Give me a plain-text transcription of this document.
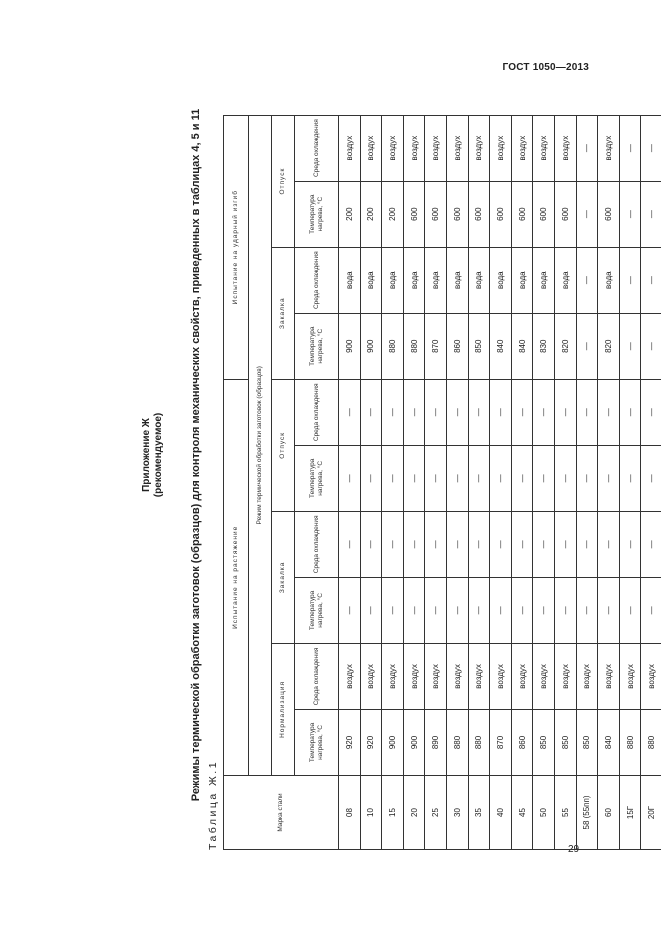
ГОСТ 1050—2013
29
Приложение Ж (рекомендуемое) Режимы термической обработки заготовок (образцов) для контроля механических свойств, приведенных в таблицах 4, 5 и 11
Таблица Ж.1	Марка стали	Испытание на растяжение						Испытание на ударный изгиб				
	Режим термической обработки заготовок (образцов)										
	Нормализация		Закалка		Отпуск		Закалка		Отпуск		
	Температура нагрева, °С	Среда охлаждения	Температура нагрева, °С	Среда охлаждения	Температура нагрева, °С	Среда охлаждения	Температура нагрева, °С	Среда охлаждения	Температура нагрева, °С	Среда охлаждения	
08	920	воздух	—	—	—	—	900	вода	200	воздух	
10	920	воздух	—	—	—	—	900	вода	200	воздух	
15	900	воздух	—	—	—	—	880	вода	200	воздух	
20	900	воздух	—	—	—	—	880	вода	600	воздух	
25	890	воздух	—	—	—	—	870	вода	600	воздух	
30	880	воздух	—	—	—	—	860	вода	600	воздух	
35	880	воздух	—	—	—	—	850	вода	600	воздух	
40	870	воздух	—	—	—	—	840	вода	600	воздух	
45	860	воздух	—	—	—	—	840	вода	600	воздух	
50	850	воздух	—	—	—	—	830	вода	600	воздух	
55	850	воздух	—	—	—	—	820	вода	600	воздух	
58 (55пп)	850	воздух	—	—	—	—	—	—	—	—	
60	840	воздух	—	—	—	—	820	вода	600	воздух	
15Г	880	воздух	—	—	—	—	—	—	—	—	
20Г	880	воздух	—	—	—	—	—	—	—	—	
